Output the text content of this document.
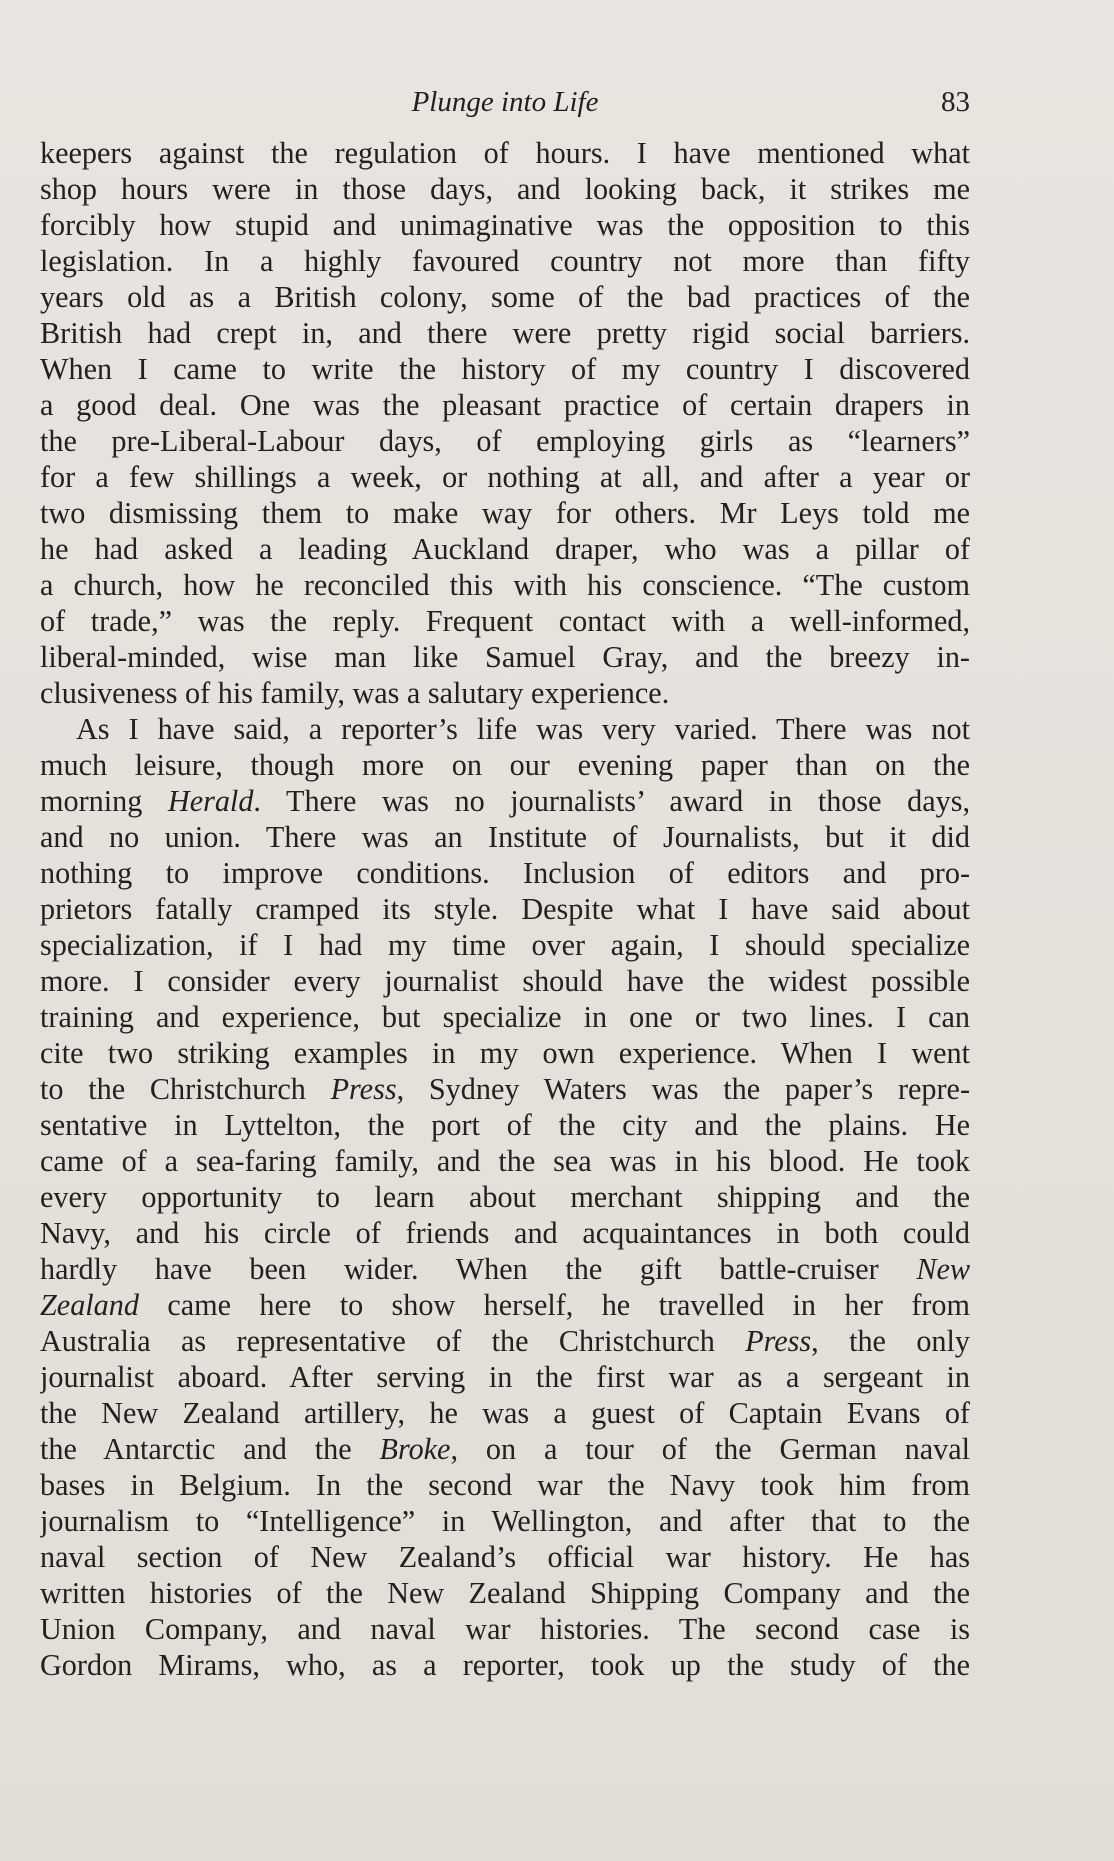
Plunge into Life	83
keepers against the regulation of hours. I have mentioned what
shop hours were in those days, and looking back, it strikes me
forcibly how stupid and unimaginative was the opposition to this
legislation. In a highly favoured country not more than fifty
years old as a British colony, some of the bad practices of the
British had crept in, and there were pretty rigid social barriers.
When I came to write the history of my country I discovered
a good deal. One was the pleasant practice of certain drapers in
the pre-Liberal-Labour days, of employing girls as “learners”
for a few shillings a week, or nothing at all, and after a year or
two dismissing them to make way for others. Mr Leys told me
he had asked a leading Auckland draper, who was a pillar of
a church, how he reconciled this with his conscience. “The custom
of trade,” was the reply. Frequent contact with a well-informed,
liberal-minded, wise man like Samuel Gray, and the breezy in-
clusiveness of his family, was a salutary experience.
As I have said, a reporter’s life was very varied. There was not
much leisure, though more on our evening paper than on the
morning Herald. There was no journalists’ award in those days,
and no union. There was an Institute of Journalists, but it did
nothing to improve conditions. Inclusion of editors and pro-
prietors fatally cramped its style. Despite what I have said about
specialization, if I had my time over again, I should specialize
more. I consider every journalist should have the widest possible
training and experience, but specialize in one or two lines. I can
cite two striking examples in my own experience. When I went
to the Christchurch Press, Sydney Waters was the paper’s repre-
sentative in Lyttelton, the port of the city and the plains. He
came of a sea-faring family, and the sea was in his blood. He took
every opportunity to learn about merchant shipping and the
Navy, and his circle of friends and acquaintances in both could
hardly have been wider. When the gift battle-cruiser New
Zealand came here to show herself, he travelled in her from
Australia as representative of the Christchurch Press, the only
journalist aboard. After serving in the first war as a sergeant in
the New Zealand artillery, he was a guest of Captain Evans of
the Antarctic and the Broke, on a tour of the German naval
bases in Belgium. In the second war the Navy took him from
journalism to “Intelligence” in Wellington, and after that to the
naval section of New Zealand’s official war history. He has
written histories of the New Zealand Shipping Company and the
Union Company, and naval war histories. The second case is
Gordon Mirams, who, as a reporter, took up the study of the
